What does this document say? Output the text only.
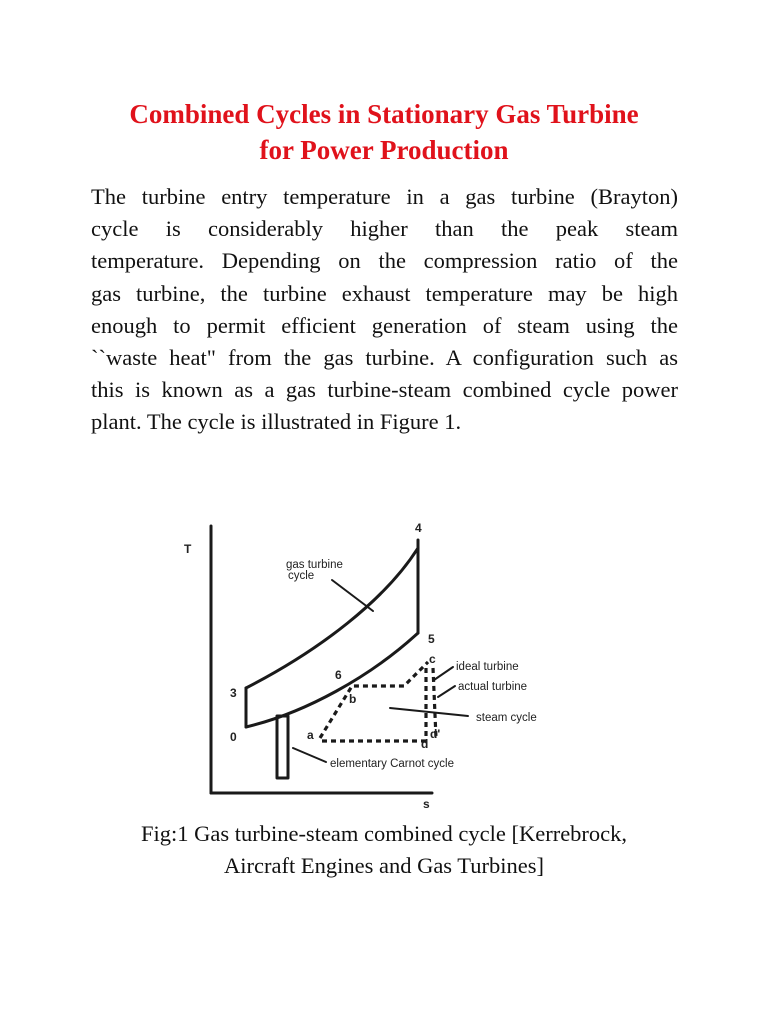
Combined Cycles in Stationary Gas Turbine
for Power Production
The turbine entry temperature in a gas turbine (Brayton)
cycle is considerably higher than the peak steam
temperature. Depending on the compression ratio of the
gas turbine, the turbine exhaust temperature may be high
enough to permit efficient generation of steam using the
``waste heat" from the gas turbine. A configuration such as
this is known as a gas turbine-steam combined cycle power
plant. The cycle is illustrated in Figure 1.
T
s
4
5
3
0
6
a
b
c
d
d'
gas turbine
cycle
ideal turbine
actual turbine
steam cycle
elementary Carnot cycle
Fig:1 Gas turbine-steam combined cycle [Kerrebrock,
Aircraft Engines and Gas Turbines]
